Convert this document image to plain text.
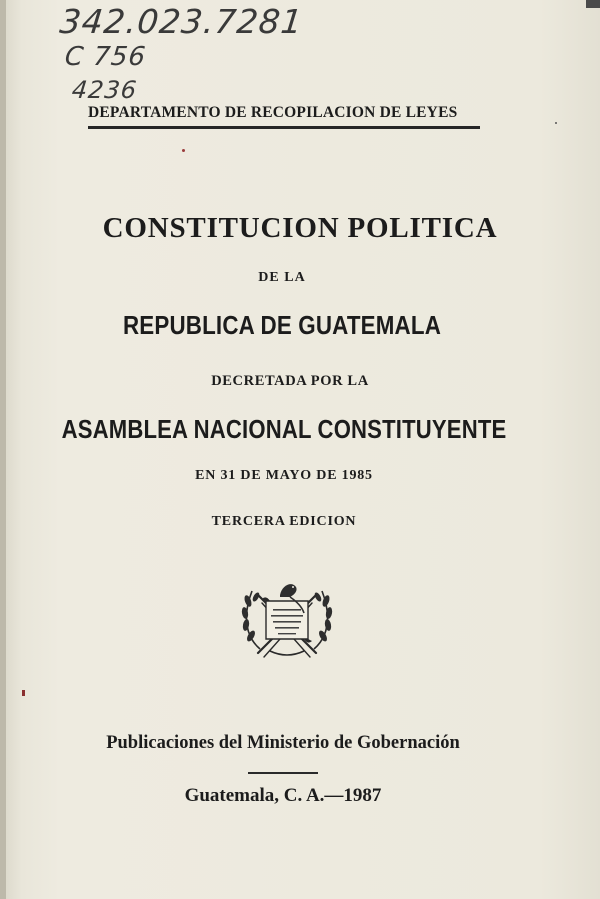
342.023.7281
C 756
4236
DEPARTAMENTO DE RECOPILACION DE LEYES
CONSTITUCION POLITICA
DE LA
REPUBLICA DE GUATEMALA
DECRETADA POR LA
ASAMBLEA NACIONAL CONSTITUYENTE
EN 31 DE MAYO DE 1985
TERCERA EDICION
Publicaciones del Ministerio de Gobernación
Guatemala, C. A.—1987
